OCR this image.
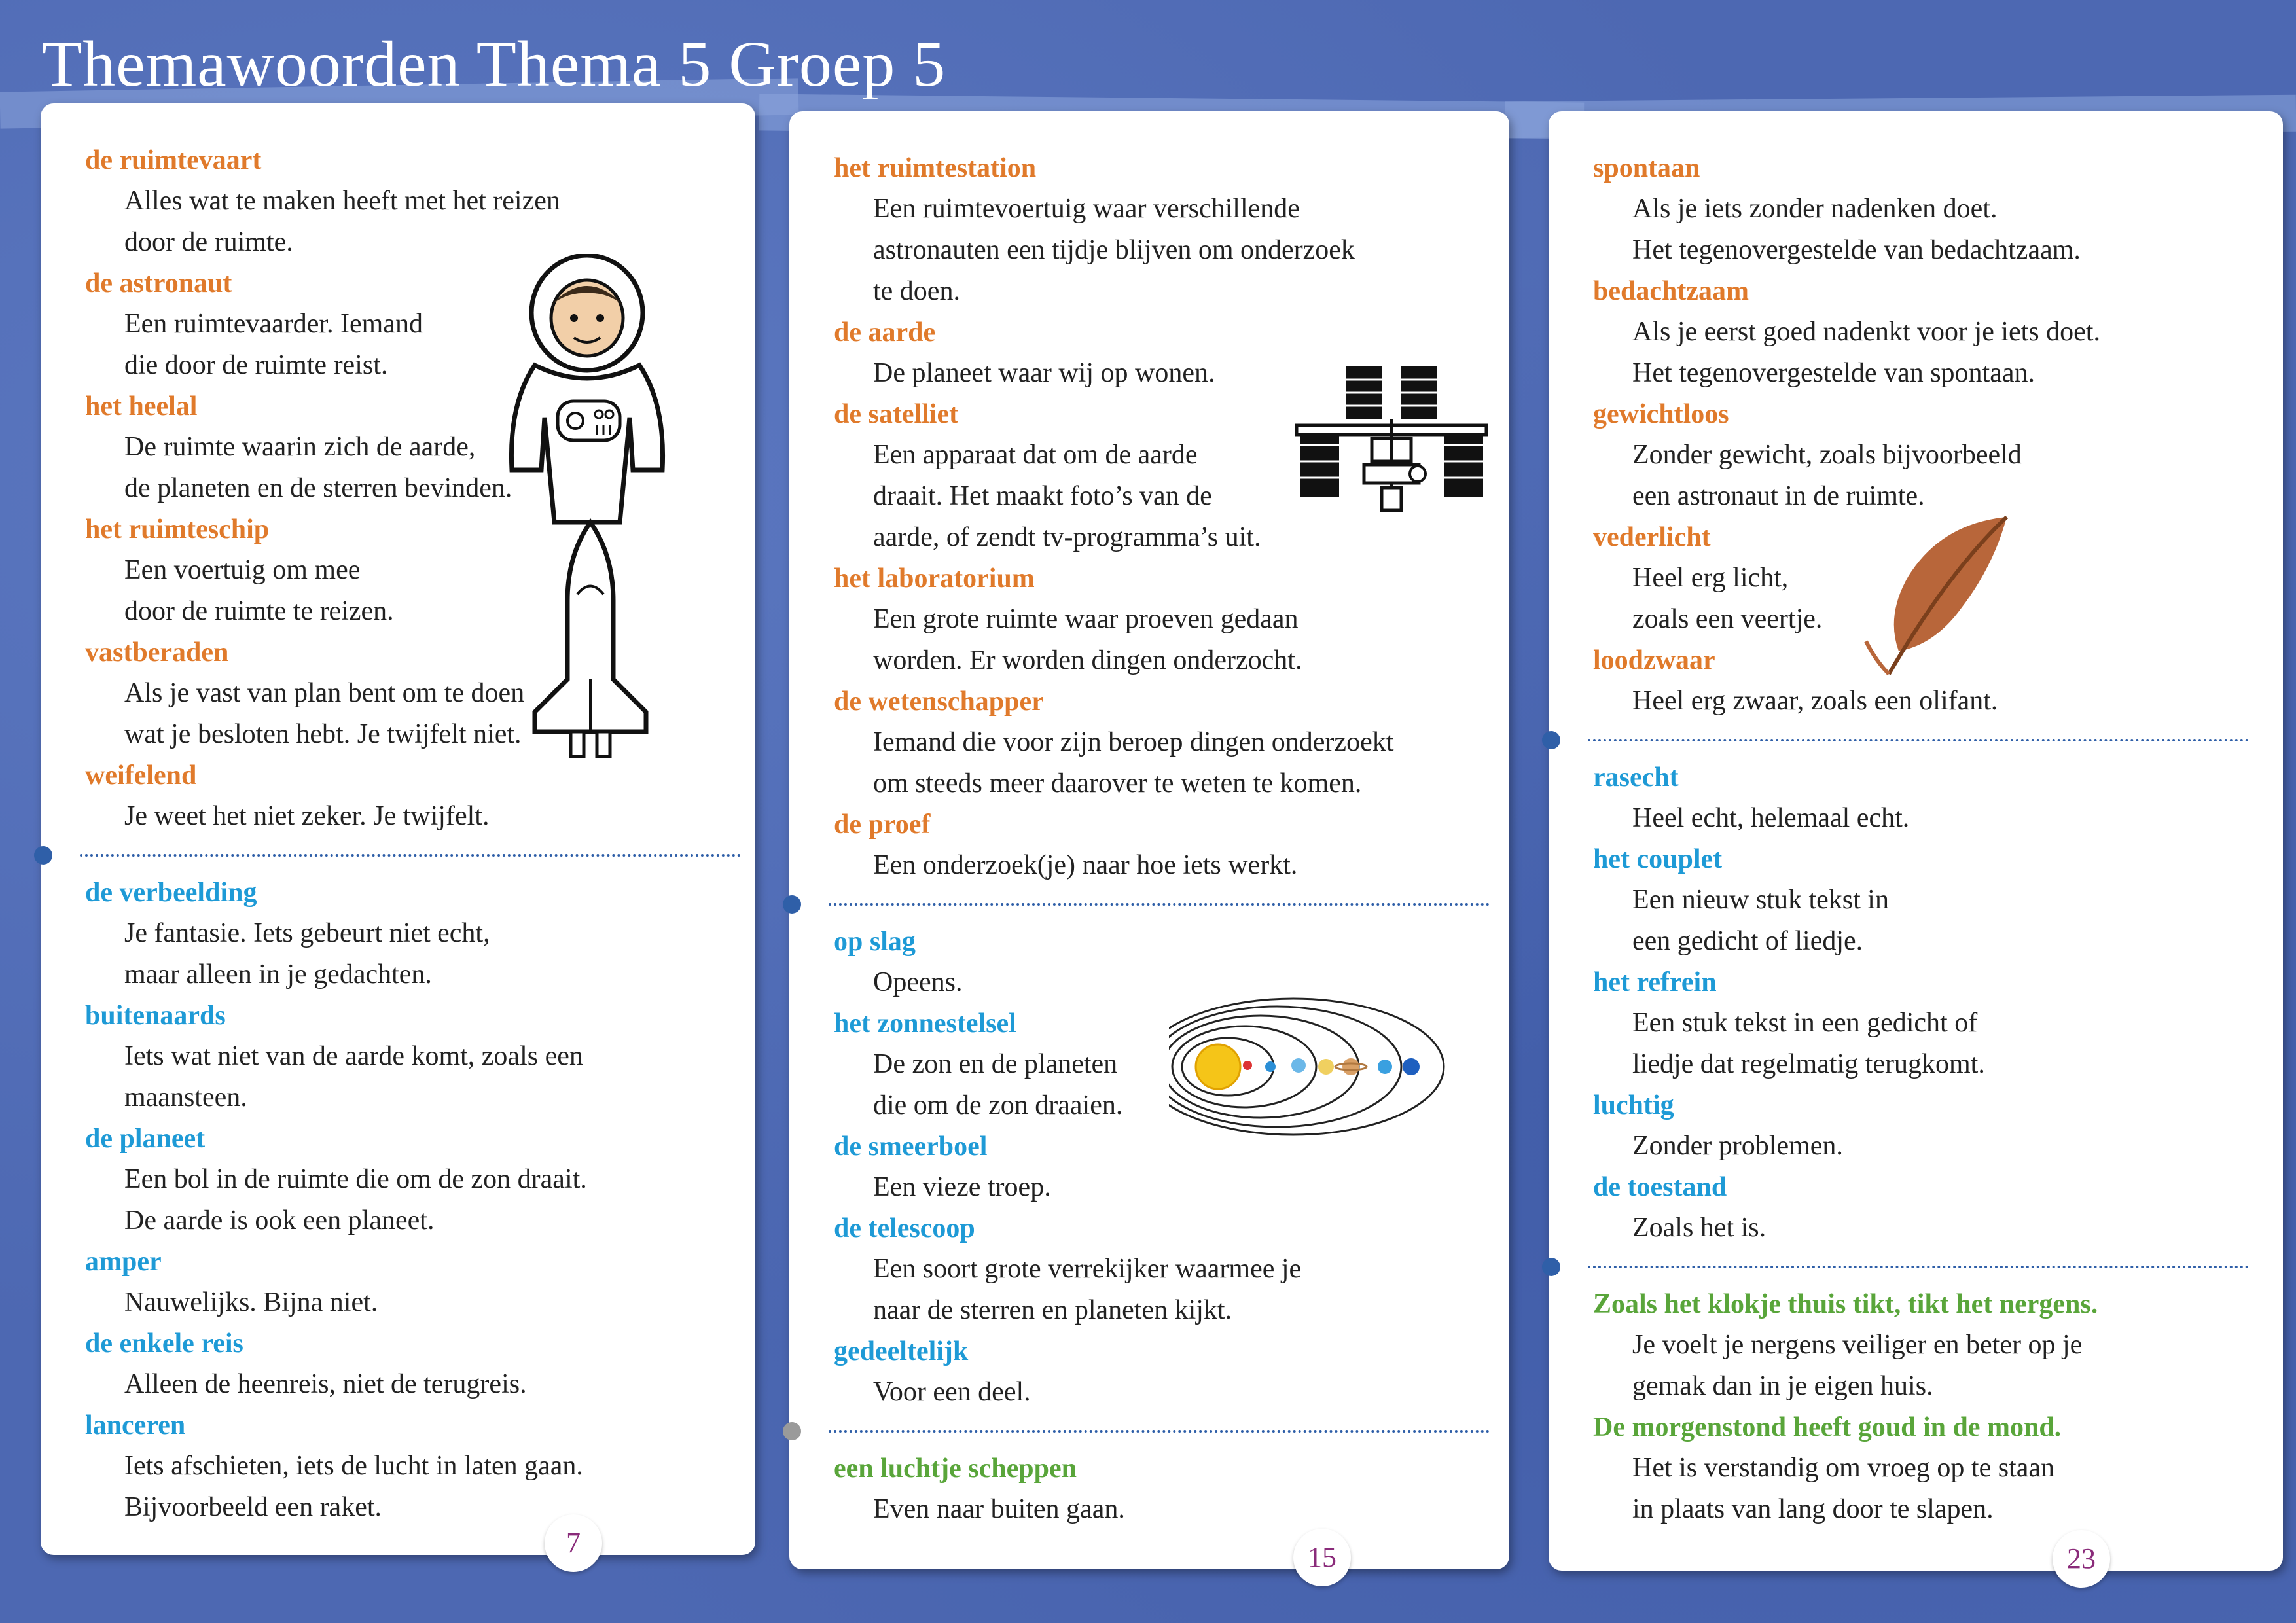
Themawoorden Thema 5 Groep 5
de ruimtevaart
Alles wat te maken heeft met het reizen
door de ruimte.
de astronaut
Een ruimtevaarder. Iemand
die door de ruimte reist.
het heelal
De ruimte waarin zich de aarde,
de planeten en de sterren bevinden.
het ruimteschip
Een voertuig om mee
door de ruimte te reizen.
vastberaden
Als je vast van plan bent om te doen
wat je besloten hebt. Je twijfelt niet.
weifelend
Je weet het niet zeker. Je twijfelt.
de verbeelding
Je fantasie. Iets gebeurt niet echt,
maar alleen in je gedachten.
buitenaards
Iets wat niet van de aarde komt, zoals een
maansteen.
de planeet
Een bol in de ruimte die om de zon draait.
De aarde is ook een planeet.
amper
Nauwelijks. Bijna niet.
de enkele reis
Alleen de heenreis, niet de terugreis.
lanceren
Iets afschieten, iets de lucht in laten gaan.
Bijvoorbeeld een raket.
7
het ruimtestation
Een ruimtevoertuig waar verschillende
astronauten een tijdje blijven om onderzoek
te doen.
de aarde
De planeet waar wij op wonen.
de satelliet
Een apparaat dat om de aarde
draait. Het maakt foto’s van de
aarde, of zendt tv-programma’s uit.
het laboratorium
Een grote ruimte waar proeven gedaan
worden. Er worden dingen onderzocht.
de wetenschapper
Iemand die voor zijn beroep dingen onderzoekt
om steeds meer daarover te weten te komen.
de proef
Een onderzoek(je) naar hoe iets werkt.
op slag
Opeens.
het zonnestelsel
De zon en de planeten
die om de zon draaien.
de smeerboel
Een vieze troep.
de telescoop
Een soort grote verrekijker waarmee je
naar de sterren en planeten kijkt.
gedeeltelijk
Voor een deel.
een luchtje scheppen
Even naar buiten gaan.
15
spontaan
Als je iets zonder nadenken doet.
Het tegenovergestelde van bedachtzaam.
bedachtzaam
Als je eerst goed nadenkt voor je iets doet.
Het tegenovergestelde van spontaan.
gewichtloos
Zonder gewicht, zoals bijvoorbeeld
een astronaut in de ruimte.
vederlicht
Heel erg licht,
zoals een veertje.
loodzwaar
Heel erg zwaar, zoals een olifant.
rasecht
Heel echt, helemaal echt.
het couplet
Een nieuw stuk tekst in
een gedicht of liedje.
het refrein
Een stuk tekst in een gedicht of
liedje dat regelmatig terugkomt.
luchtig
Zonder problemen.
de toestand
Zoals het is.
Zoals het klokje thuis tikt, tikt het nergens.
Je voelt je nergens veiliger en beter op je
gemak dan in je eigen huis.
De morgenstond heeft goud in de mond.
Het is verstandig om vroeg op te staan
in plaats van lang door te slapen.
23
